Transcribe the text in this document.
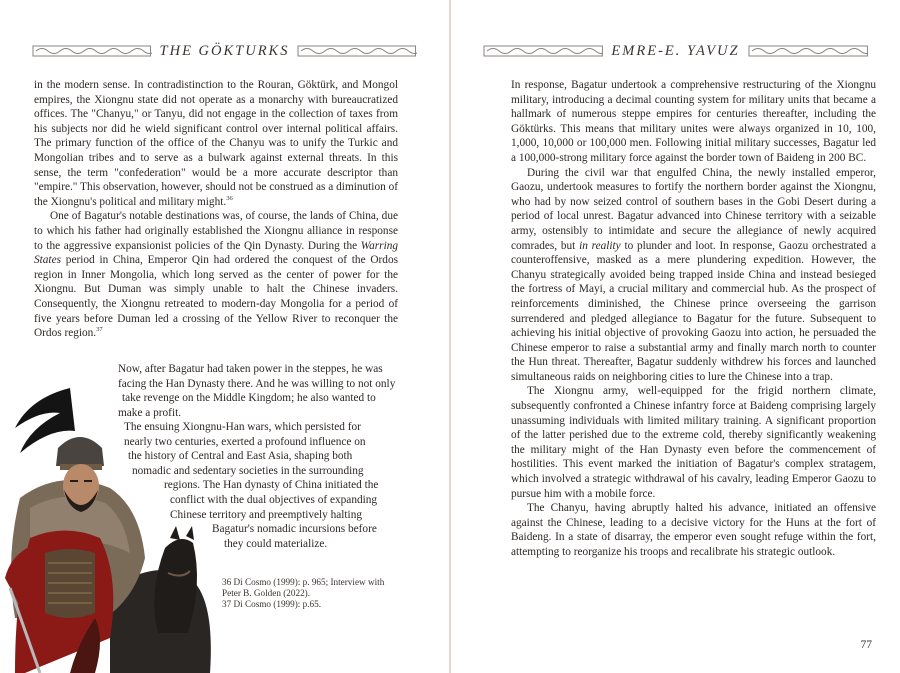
THE GÖKTURKS

in the modern sense. In contradistinction to the Rouran, Göktürk, and Mongol empires, the Xiongnu state did not operate as a monarchy with bureaucratized offices. The "Chanyu," or Tanyu, did not engage in the collection of taxes from his subjects nor did he wield significant control over internal political affairs. The primary function of the office of the Chanyu was to unify the Turkic and Mongolian tribes and to serve as a bulwark against external threats. In this sense, the term "confederation" would be a more accurate descriptor than "empire." This observation, however, should not be construed as a diminution of the Xiongnu's political and military might.$^{36}$

One of Bagatur's notable destinations was, of course, the lands of China, due to which his father had originally established the Xiongnu alliance in response to the aggressive expansionist policies of the Qin Dynasty. During the Warring States period in China, Emperor Qin had ordered the conquest of the Ordos region in Inner Mongolia, which long served as the center of power for the Xiongnu. But Duman was simply unable to halt the Chinese invaders. Consequently, the Xiongnu retreated to modern-day Mongolia for a period of five years before Duman led a crossing of the Yellow River to reconquer the Ordos region.$^{37}$

Now, after Bagatur had taken power in the steppes, he was
facing the Han Dynasty there. And he was willing to not only
take revenge on the Middle Kingdom; he also wanted to
make a profit.
The ensuing Xiongnu-Han wars, which persisted for
nearly two centuries, exerted a profound influence on
the history of Central and East Asia, shaping both
nomadic and sedentary societies in the surrounding
regions. The Han dynasty of China initiated the
conflict with the dual objectives of expanding
Chinese territory and preemptively halting
Bagatur's nomadic incursions before
they could materialize.
36 Di Cosmo (1999): p. 965; Interview with
Peter B. Golden (2022).
37 Di Cosmo (1999): p.65.
EMRE-E. YAVUZ

In response, Bagatur undertook a comprehensive restructuring of the Xiongnu military, introducing a decimal counting system for military units that became a hallmark of numerous steppe empires for centuries thereafter, including the Göktürks. This means that military unites were always organized in 10, 100, 1,000, 10,000 or 100,000 men. Following initial military successes, Bagatur led a 100,000-strong military force against the border town of Baideng in 200 BC.

During the civil war that engulfed China, the newly installed emperor, Gaozu, undertook measures to fortify the northern border against the Xiongnu, who had by now seized control of southern bases in the Gobi Desert during a period of local unrest. Bagatur advanced into Chinese territory with a seizable army, ostensibly to intimidate and secure the allegiance of newly acquired comrades, but in reality to plunder and loot. In response, Gaozu orchestrated a counteroffensive, masked as a mere plundering expedition. However, the Chanyu strategically avoided being trapped inside China and instead besieged the fortress of Mayi, a crucial military and commercial hub. As the prospect of reinforcements diminished, the Chinese prince overseeing the garrison surrendered and pledged allegiance to Bagatur for the future. Subsequent to achieving his initial objective of provoking Gaozu into action, he persuaded the Chinese emperor to raise a substantial army and finally march north to counter the Hun threat. Thereafter, Bagatur suddenly withdrew his forces and launched simultaneous raids on neighboring cities to lure the Chinese into a trap.

The Xiongnu army, well-equipped for the frigid northern climate, subsequently confronted a Chinese infantry force at Baideng comprising largely unassuming individuals with limited military training. A significant proportion of the latter perished due to the extreme cold, thereby significantly weakening the military might of the Han Dynasty even before the commencement of hostilities. This event marked the initiation of Bagatur's complex stratagem, which involved a strategic withdrawal of his cavalry, leading Emperor Gaozu to pursue him with a mobile force.

The Chanyu, having abruptly halted his advance, initiated an offensive against the Chinese, leading to a decisive victory for the Huns at the fort of Baideng. In a state of disarray, the emperor even sought refuge within the fort, attempting to reorganize his troops and recalibrate his strategic outlook.

77
